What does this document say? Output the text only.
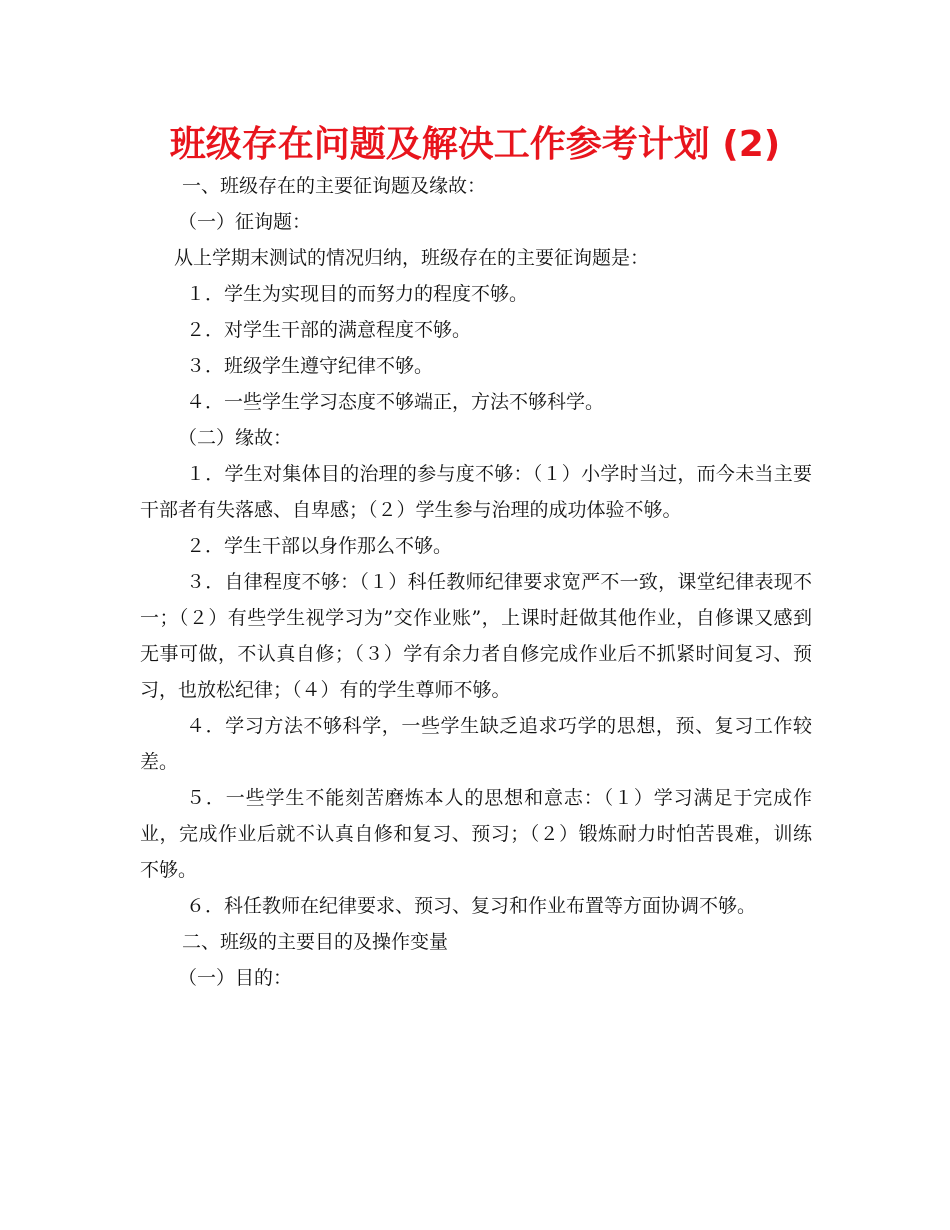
班级存在问题及解决工作参考计划 (2)

一、班级存在的主要征询题及缘故：

（一）征询题：

从上学期末测试的情况归纳，班级存在的主要征询题是：

１．学生为实现目的而努力的程度不够。

２．对学生干部的满意程度不够。

３．班级学生遵守纪律不够。

４．一些学生学习态度不够端正，方法不够科学。

（二）缘故：

１．学生对集体目的治理的参与度不够：（１）小学时当过，而今未当主要干部者有失落感、自卑感；（２）学生参与治理的成功体验不够。

２．学生干部以身作那么不够。

３．自律程度不够：（１）科任教师纪律要求宽严不一致，课堂纪律表现不一；（２）有些学生视学习为”交作业账”，上课时赶做其他作业，自修课又感到无事可做，不认真自修；（３）学有余力者自修完成作业后不抓紧时间复习、预习，也放松纪律；（４）有的学生尊师不够。

４．学习方法不够科学，一些学生缺乏追求巧学的思想，预、复习工作较差。

５．一些学生不能刻苦磨炼本人的思想和意志：（１）学习满足于完成作业，完成作业后就不认真自修和复习、预习；（２）锻炼耐力时怕苦畏难，训练不够。

６．科任教师在纪律要求、预习、复习和作业布置等方面协调不够。

二、班级的主要目的及操作变量

（一）目的：
